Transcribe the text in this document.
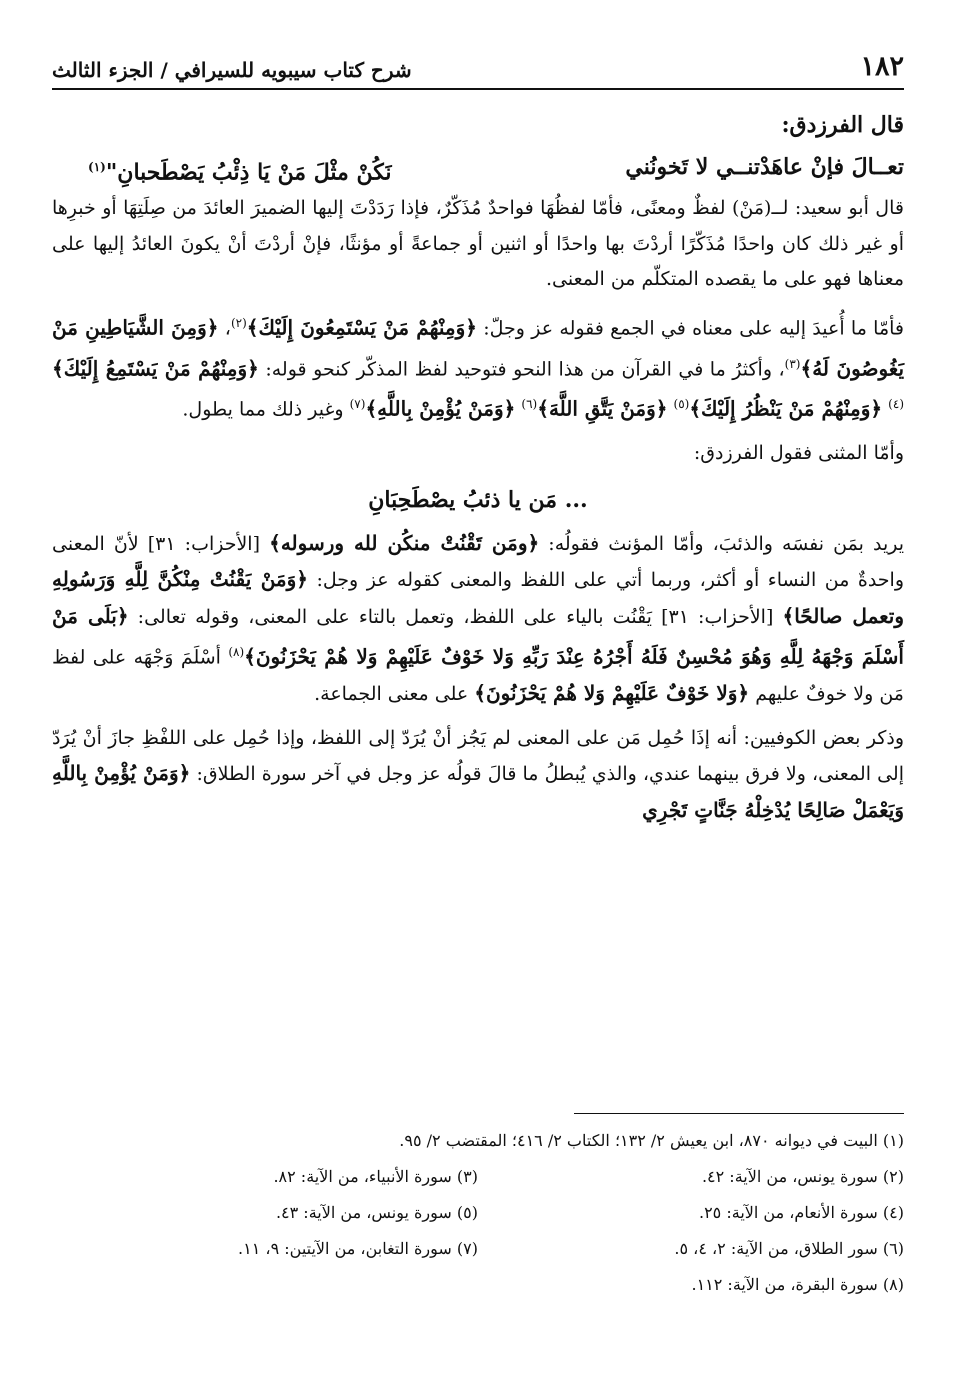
١٨٢
شرح كتاب سيبويه للسيرافي / الجزء الثالث
قال الفرزدق:
تعــالَ فإنْ عاهَدْتنــي لا تَخونُني
نَكُنْ مثْلَ مَنْ يَا ذِئْبُ يَصْطَحبانِ"$^{(١)}$

قال أبو سعيد: لــ(مَنْ) لفظٌ ومعنًى، فأمّا لفظُهَا فواحدٌ مُذَكّرٌ، فإذا رَدَدْتَ إليها الضميرَ العائدَ من صِلَتِهَا أو خبرِها أو غير ذلك كان واحدًا مُذَكّرًا أردْتَ بها واحدًا أو اثنين أو جماعةً أو مؤنثًا، فإنْ أردْتَ أنْ يكونَ العائدُ إليها على معناها فهو على ما يقصده المتكلّم من المعنى.

فأمّا ما أُعيدَ إليه على معناه في الجمع فقوله عز وجلّ: ﴿وَمِنْهُمْ مَنْ يَسْتَمِعُونَ إِلَيْكَ﴾$^{(٢)}$، ﴿وَمِنَ الشَّيَاطِينِ مَنْ يَغُوصُونَ لَهُ﴾$^{(٣)}$، وأكثرُ ما في القرآن من هذا النحو فتوحيد لفظ المذكّر كنحو قوله: ﴿وَمِنْهُمْ مَنْ يَسْتَمِعُ إِلَيْكَ﴾$^{(٤)}$ ﴿وَمِنْهُمْ مَنْ يَنْظُرُ إِلَيْكَ﴾$^{(٥)}$ ﴿وَمَنْ يَتَّقِ اللَّهَ﴾$^{(٦)}$ ﴿وَمَنْ يُؤْمِنْ بِاللَّهِ﴾$^{(٧)}$ وغير ذلك مما يطول.

وأمّا المثنى فقول الفرزدق:

... مَن يا ذئبُ يصْطَحِبَانِ

يريد بمَن نفسَه والذئبَ، وأمّا المؤنث فقولُه: ﴿ومَن تَقْنُتْ منكُن لله ورسوله﴾ [الأحزاب: ٣١] لأنّ المعنى واحدةٌ من النساء أو أكثر، وربما أتي على اللفظ والمعنى كقوله عز وجل: ﴿وَمَنْ يَقْنُتْ مِنْكُنَّ لِلَّهِ وَرَسُولِهِ وتعمل صالحًا﴾ [الأحزاب: ٣١] يَقْنُت بالياء على اللفظ، وتعمل بالتاء على المعنى، وقوله تعالى: ﴿بَلَى مَنْ أَسْلَمَ وَجْهَهُ لِلَّهِ وَهُوَ مُحْسِنٌ فَلَهُ أَجْرُهُ عِنْدَ رَبِّهِ وَلا خَوْفٌ عَلَيْهِمْ وَلا هُمْ يَحْزَنُونَ﴾$^{(٨)}$ أسْلَمَ وَجْهَه على لفظ مَن ولا خوفٌ عليهم ﴿وَلا خَوْفٌ عَلَيْهِمْ وَلا هُمْ يَحْزَنُونَ﴾ على معنى الجماعة.

وذكر بعض الكوفيين: أنه إذَا حُمِل مَن على المعنى لم يَجُز أنْ يُرَدّ إلى اللفظ، وإذا حُمِل على اللفْظِ جازَ أنْ يُرَدّ إلى المعنى، ولا فرق بينهما عندي، والذي يُبطلُ ما قالَ قولُه عز وجل في آخر سورة الطلاق: ﴿وَمَنْ يُؤْمِنْ بِاللَّهِ وَيَعْمَلْ صَالِحًا يُدْخِلْهُ جَنَّاتٍ تَجْرِي

(١) البيت في ديوانه ٨٧٠، ابن يعيش ٢/ ١٣٢؛ الكتاب ٢/ ٤١٦؛ المقتضب ٢/ ٩٥.
(٢) سورة يونس، من الآية: ٤٢.
(٣) سورة الأنبياء، من الآية: ٨٢.
(٤) سورة الأنعام، من الآية: ٢٥.
(٥) سورة يونس، من الآية: ٤٣.
(٦) سور الطلاق، من الآية: ٢، ٤، ٥.
(٧) سورة التغابن، من الآيتين: ٩، ١١.
(٨) سورة البقرة، من الآية: ١١٢.
